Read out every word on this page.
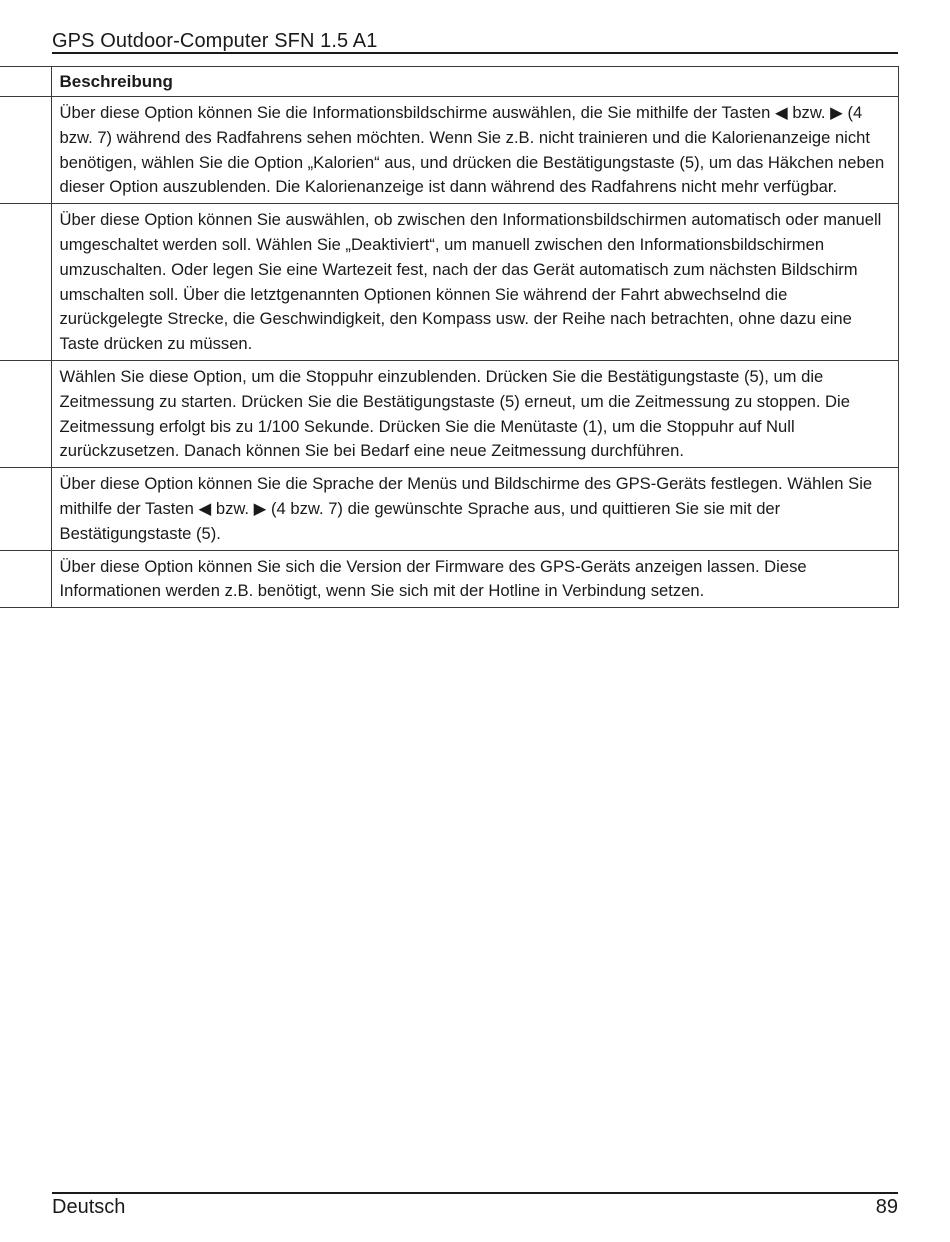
GPS Outdoor-Computer SFN 1.5 A1
	Beschreibung
	Über diese Option können Sie die Informationsbildschirme auswählen, die Sie mithilfe der Tasten ◀ bzw. ▶ (4 bzw. 7) während des Radfahrens sehen möchten. Wenn Sie z.B. nicht trainieren und die Kalorienanzeige nicht benötigen, wählen Sie die Option „Kalorien“ aus, und drücken die Bestätigungstaste (5), um das Häkchen neben dieser Option auszublenden. Die Kalorienanzeige ist dann während des Radfahrens nicht mehr verfügbar.
	Über diese Option können Sie auswählen, ob zwischen den Informationsbildschirmen automatisch oder manuell umgeschaltet werden soll. Wählen Sie „Deaktiviert“, um manuell zwischen den Informationsbildschirmen umzuschalten. Oder legen Sie eine Wartezeit fest, nach der das Gerät automatisch zum nächsten Bildschirm umschalten soll. Über die letztgenannten Optionen können Sie während der Fahrt abwechselnd die zurückgelegte Strecke, die Geschwindigkeit, den Kompass usw. der Reihe nach betrachten, ohne dazu eine Taste drücken zu müssen.
	Wählen Sie diese Option, um die Stoppuhr einzublenden. Drücken Sie die Bestätigungstaste (5), um die Zeitmessung zu starten. Drücken Sie die Bestätigungstaste (5) erneut, um die Zeitmessung zu stoppen. Die Zeitmessung erfolgt bis zu 1/100 Sekunde. Drücken Sie die Menütaste (1), um die Stoppuhr auf Null zurückzusetzen. Danach können Sie bei Bedarf eine neue Zeitmessung durchführen.
	Über diese Option können Sie die Sprache der Menüs und Bildschirme des GPS-Geräts festlegen. Wählen Sie mithilfe der Tasten ◀ bzw. ▶ (4 bzw. 7) die gewünschte Sprache aus, und quittieren Sie sie mit der Bestätigungstaste (5).
	Über diese Option können Sie sich die Version der Firmware des GPS-Geräts anzeigen lassen. Diese Informationen werden z.B. benötigt, wenn Sie sich mit der Hotline in Verbindung setzen.
Deutsch	89
